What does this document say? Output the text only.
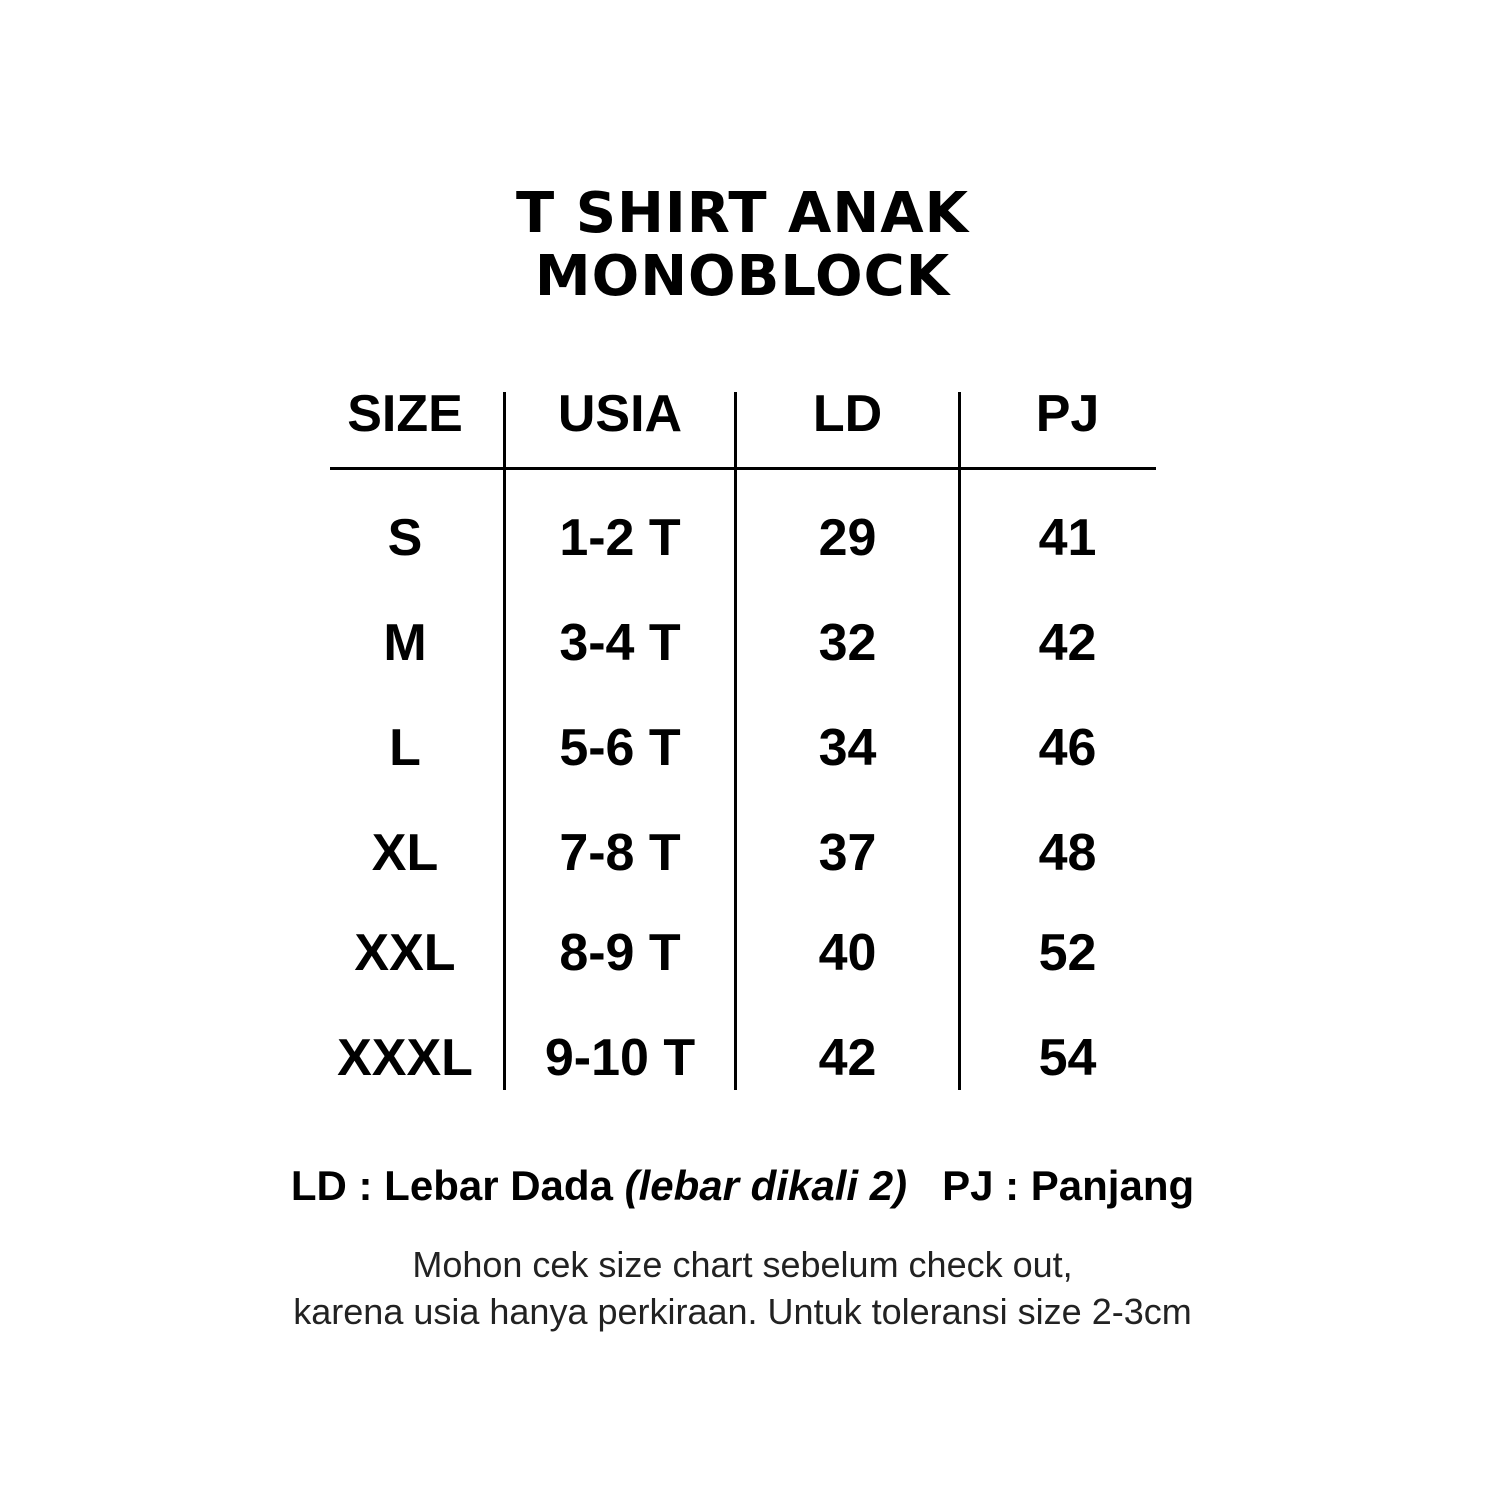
T SHIRT ANAK
MONOBLOCK
SIZE	USIA	LD	PJ
S	1-2 T	29	41
M	3-4 T	32	42
L	5-6 T	34	46
XL	7-8 T	37	48
XXL	8-9 T	40	52
XXXL	9-10 T	42	54
LD : Lebar Dada (lebar dikali 2) PJ : Panjang
Mohon cek size chart sebelum check out,
karena usia hanya perkiraan. Untuk toleransi size 2-3cm
